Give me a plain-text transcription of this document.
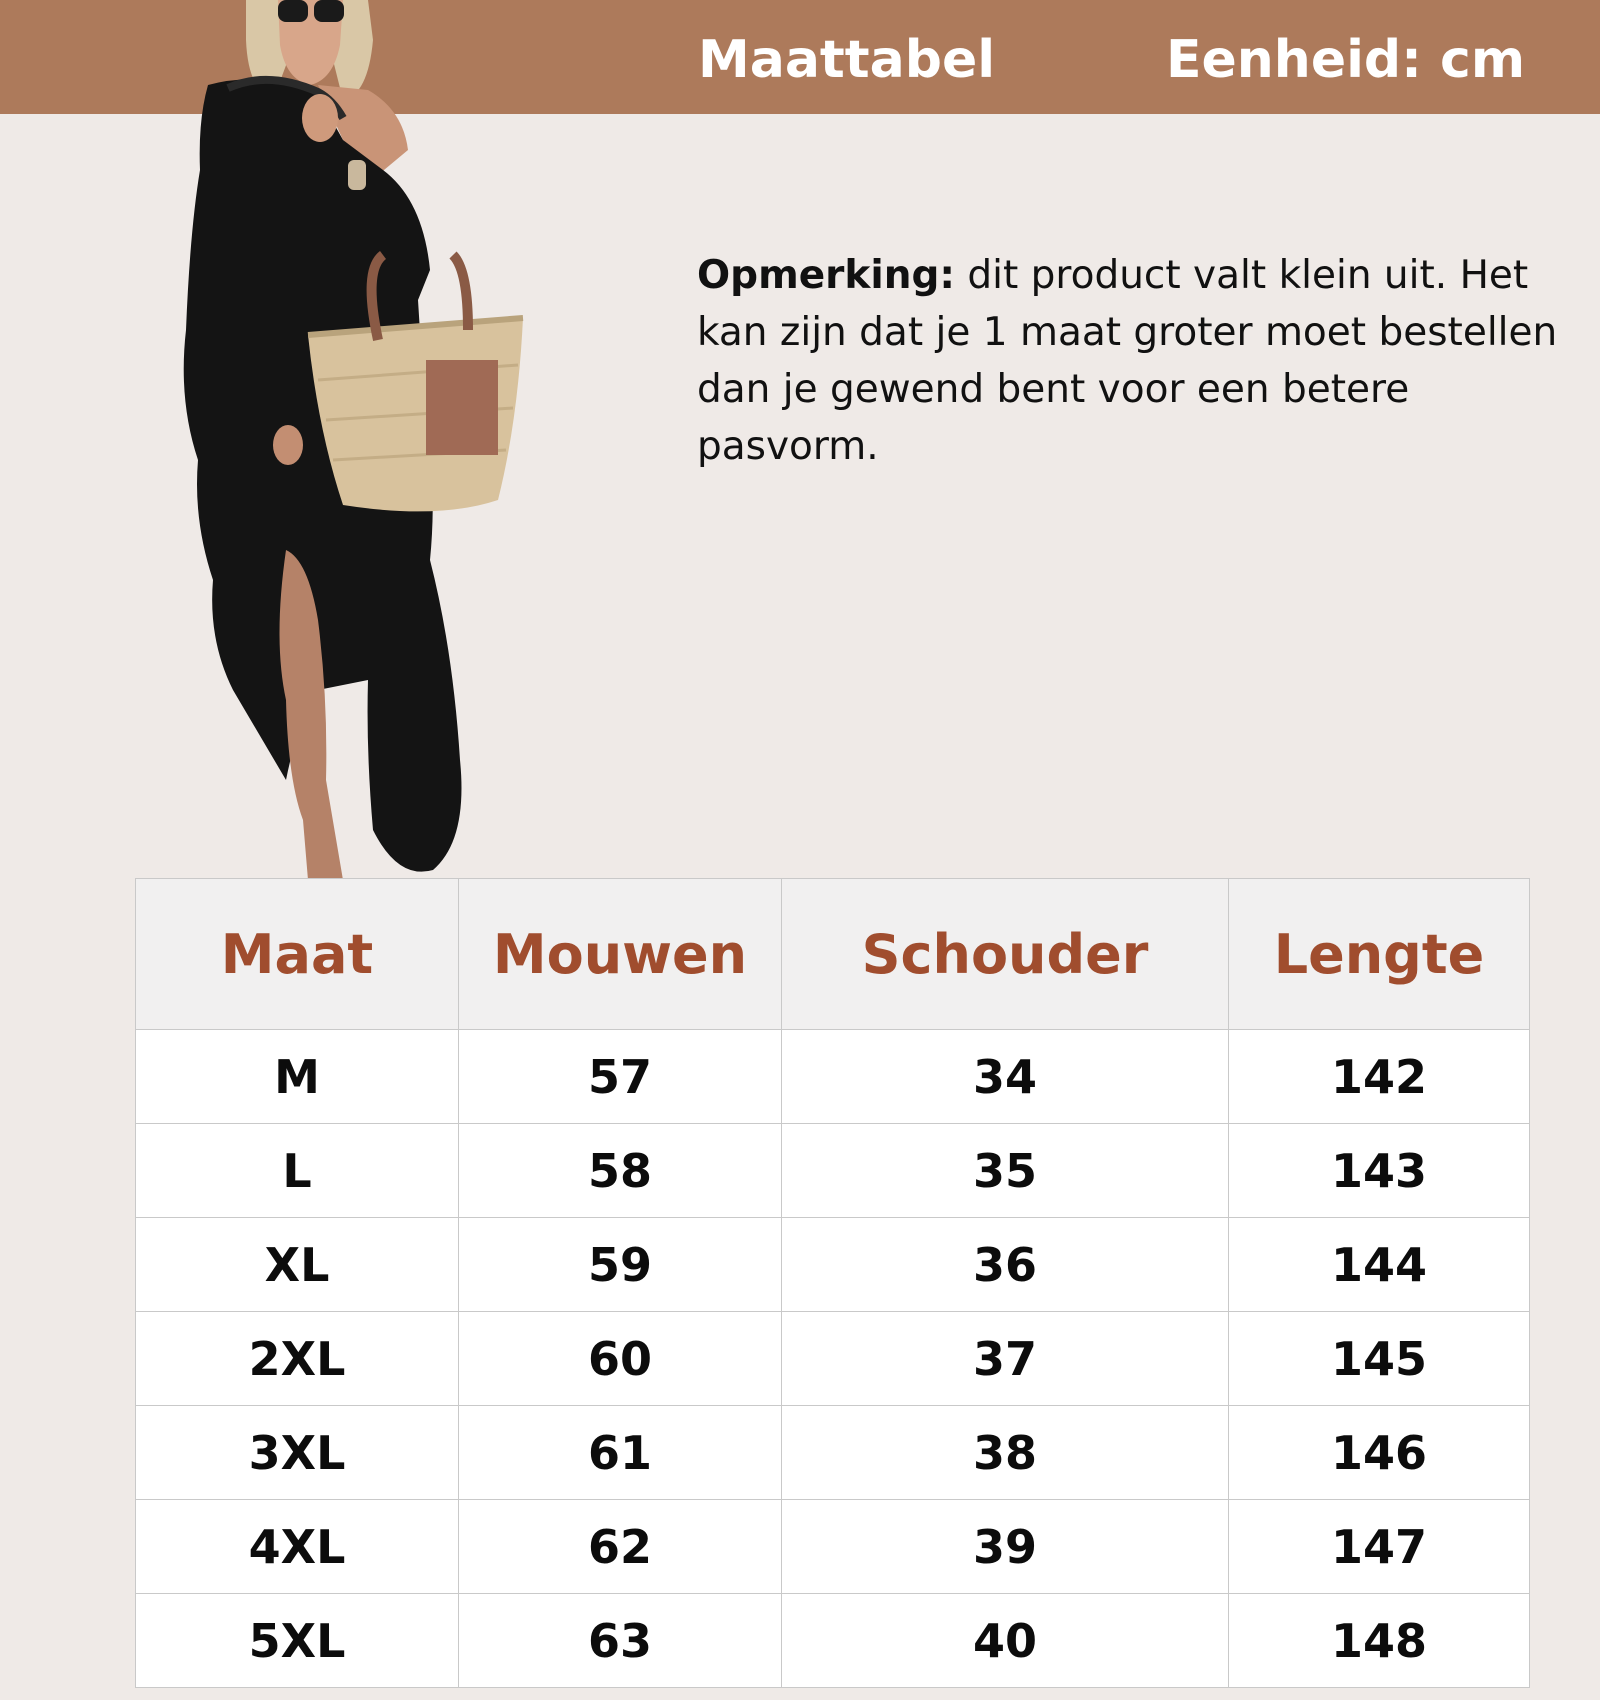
Maattabel	Eenheid: cm
Opmerking: dit product valt klein uit. Het kan zijn dat je 1 maat groter moet bestellen dan je gewend bent voor een betere pasvorm.
Maat	Mouwen	Schouder	Lengte
M	57	34	142
L	58	35	143
XL	59	36	144
2XL	60	37	145
3XL	61	38	146
4XL	62	39	147
5XL	63	40	148
